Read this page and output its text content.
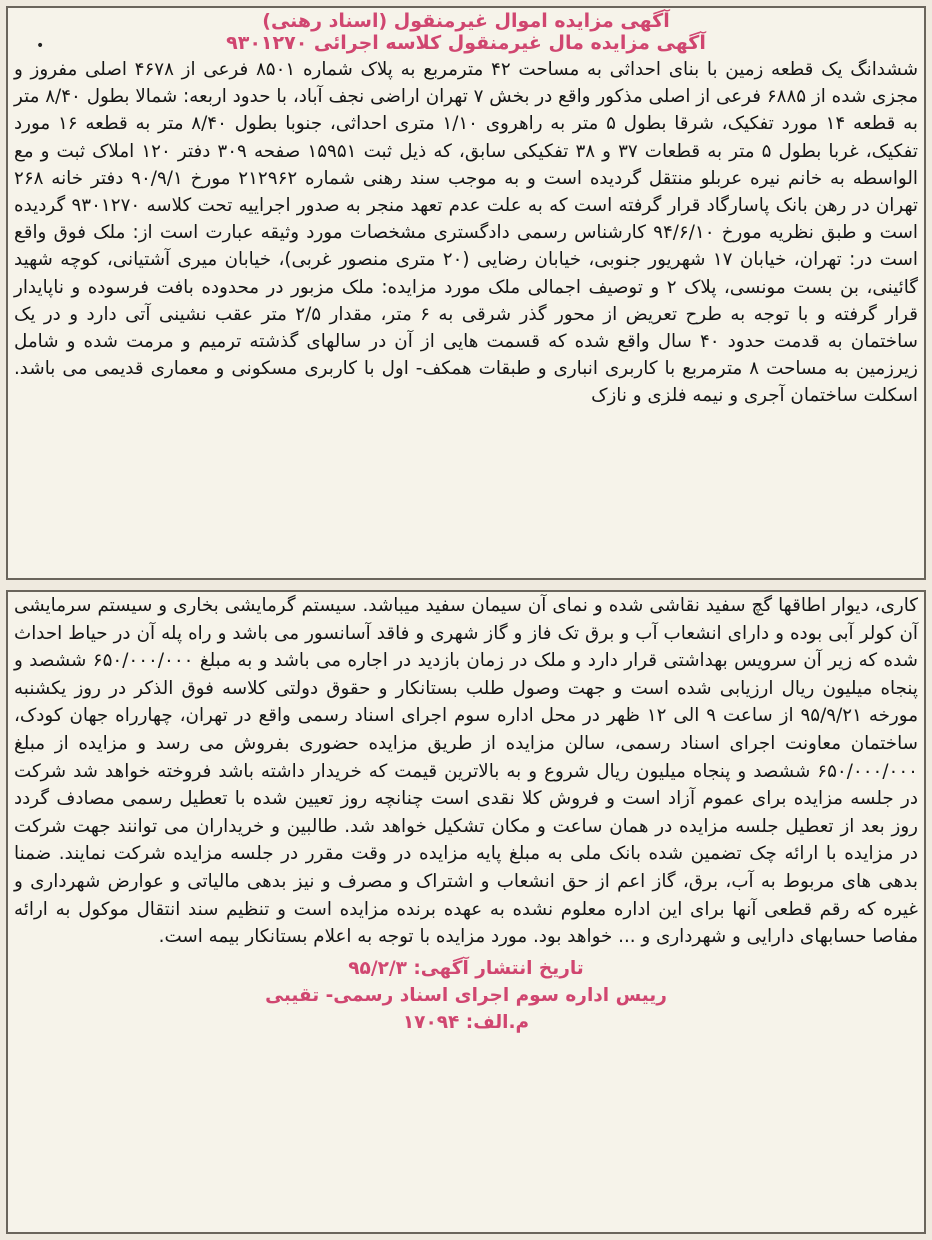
•
آگهی مزایده اموال غیرمنقول (اسناد رهنی)
آگهی مزایده مال غیرمنقول کلاسه اجرائی ۹۳۰۱۲۷۰

ششدانگ یک قطعه زمین با بنای احداثی به مساحت ۴۲ مترمربع به پلاک شماره ۸۵۰۱ فرعی از ۴۶۷۸ اصلی مفروز و مجزی شده از ۶۸۸۵ فرعی از اصلی مذکور واقع در بخش ۷ تهران اراضی نجف آباد، با حدود اربعه: شمالا بطول ۸/۴۰ متر به قطعه ۱۴ مورد تفکیک، شرقا بطول ۵ متر به راهروی ۱/۱۰ متری احداثی، جنوبا بطول ۸/۴۰ متر به قطعه ۱۶ مورد تفکیک، غربا بطول ۵ متر به قطعات ۳۷ و ۳۸ تفکیکی سابق، که ذیل ثبت ۱۵۹۵۱ صفحه ۳۰۹ دفتر ۱۲۰ املاک ثبت و مع الواسطه به خانم نیره عربلو منتقل گردیده است و به موجب سند رهنی شماره ۲۱۲۹۶۲ مورخ ۹۰/۹/۱ دفتر خانه ۲۶۸ تهران در رهن بانک پاسارگاد قرار گرفته است که به علت عدم تعهد منجر به صدور اجراییه تحت کلاسه ۹۳۰۱۲۷۰ گردیده است و طبق نظریه مورخ ۹۴/۶/۱۰ کارشناس رسمی دادگستری مشخصات مورد وثیقه عبارت است از: ملک فوق واقع است در: تهران، خیابان ۱۷ شهریور جنوبی، خیابان رضایی (۲۰ متری منصور غربی)، خیابان میری آشتیانی، کوچه شهید گائینی، بن بست مونسی، پلاک ۲ و توصیف اجمالی ملک مورد مزایده: ملک مزبور در محدوده بافت فرسوده و ناپایدار قرار گرفته و با توجه به طرح تعریض از محور گذر شرقی به ۶ متر، مقدار ۲/۵ متر عقب نشینی آتی دارد و در یک ساختمان به قدمت حدود ۴۰ سال واقع شده که قسمت هایی از آن در سالهای گذشته ترمیم و مرمت شده و شامل زیرزمین به مساحت ۸ مترمربع با کاربری انباری و طبقات همکف- اول با کاربری مسکونی و معماری قدیمی می باشد. اسکلت ساختمان آجری و نیمه فلزی و نازک

کاری، دیوار اطاقها گچ سفید نقاشی شده و نمای آن سیمان سفید میباشد. سیستم گرمایشی بخاری و سیستم سرمایشی آن کولر آبی بوده و دارای انشعاب آب و برق تک فاز و گاز شهری و فاقد آسانسور می باشد و راه پله آن در حیاط احداث شده که زیر آن سرویس بهداشتی قرار دارد و ملک در زمان بازدید در اجاره می باشد و به مبلغ ۶۵۰/۰۰۰/۰۰۰ ششصد و پنجاه میلیون ریال ارزیابی شده است و جهت وصول طلب بستانکار و حقوق دولتی کلاسه فوق الذکر در روز یکشنبه مورخه ۹۵/۹/۲۱ از ساعت ۹ الی ۱۲ ظهر در محل اداره سوم اجرای اسناد رسمی واقع در تهران، چهارراه جهان کودک، ساختمان معاونت اجرای اسناد رسمی، سالن مزایده از طریق مزایده حضوری بفروش می رسد و مزایده از مبلغ ۶۵۰/۰۰۰/۰۰۰ ششصد و پنجاه میلیون ریال شروع و به بالاترین قیمت که خریدار داشته باشد فروخته خواهد شد شرکت در جلسه مزایده برای عموم آزاد است و فروش کلا نقدی است چنانچه روز تعیین شده با تعطیل رسمی مصادف گردد روز بعد از تعطیل جلسه مزایده در همان ساعت و مکان تشکیل خواهد شد. طالبین و خریداران می توانند جهت شرکت در مزایده با ارائه چک تضمین شده بانک ملی به مبلغ پایه مزایده در وقت مقرر در جلسه مزایده شرکت نمایند. ضمنا بدهی های مربوط به آب، برق، گاز اعم از حق انشعاب و اشتراک و مصرف و نیز بدهی مالیاتی و عوارض شهرداری و غیره که رقم قطعی آنها برای این اداره معلوم نشده به عهده برنده مزایده است و تنظیم سند انتقال موکول به ارائه مفاصا حسابهای دارایی و شهرداری و ... خواهد بود. مورد مزایده با توجه به اعلام بستانکار بیمه است.

تاریخ انتشار آگهی: ۹۵/۲/۳
رییس اداره سوم اجرای اسناد رسمی- تقیبی
م.الف: ۱۷۰۹۴
